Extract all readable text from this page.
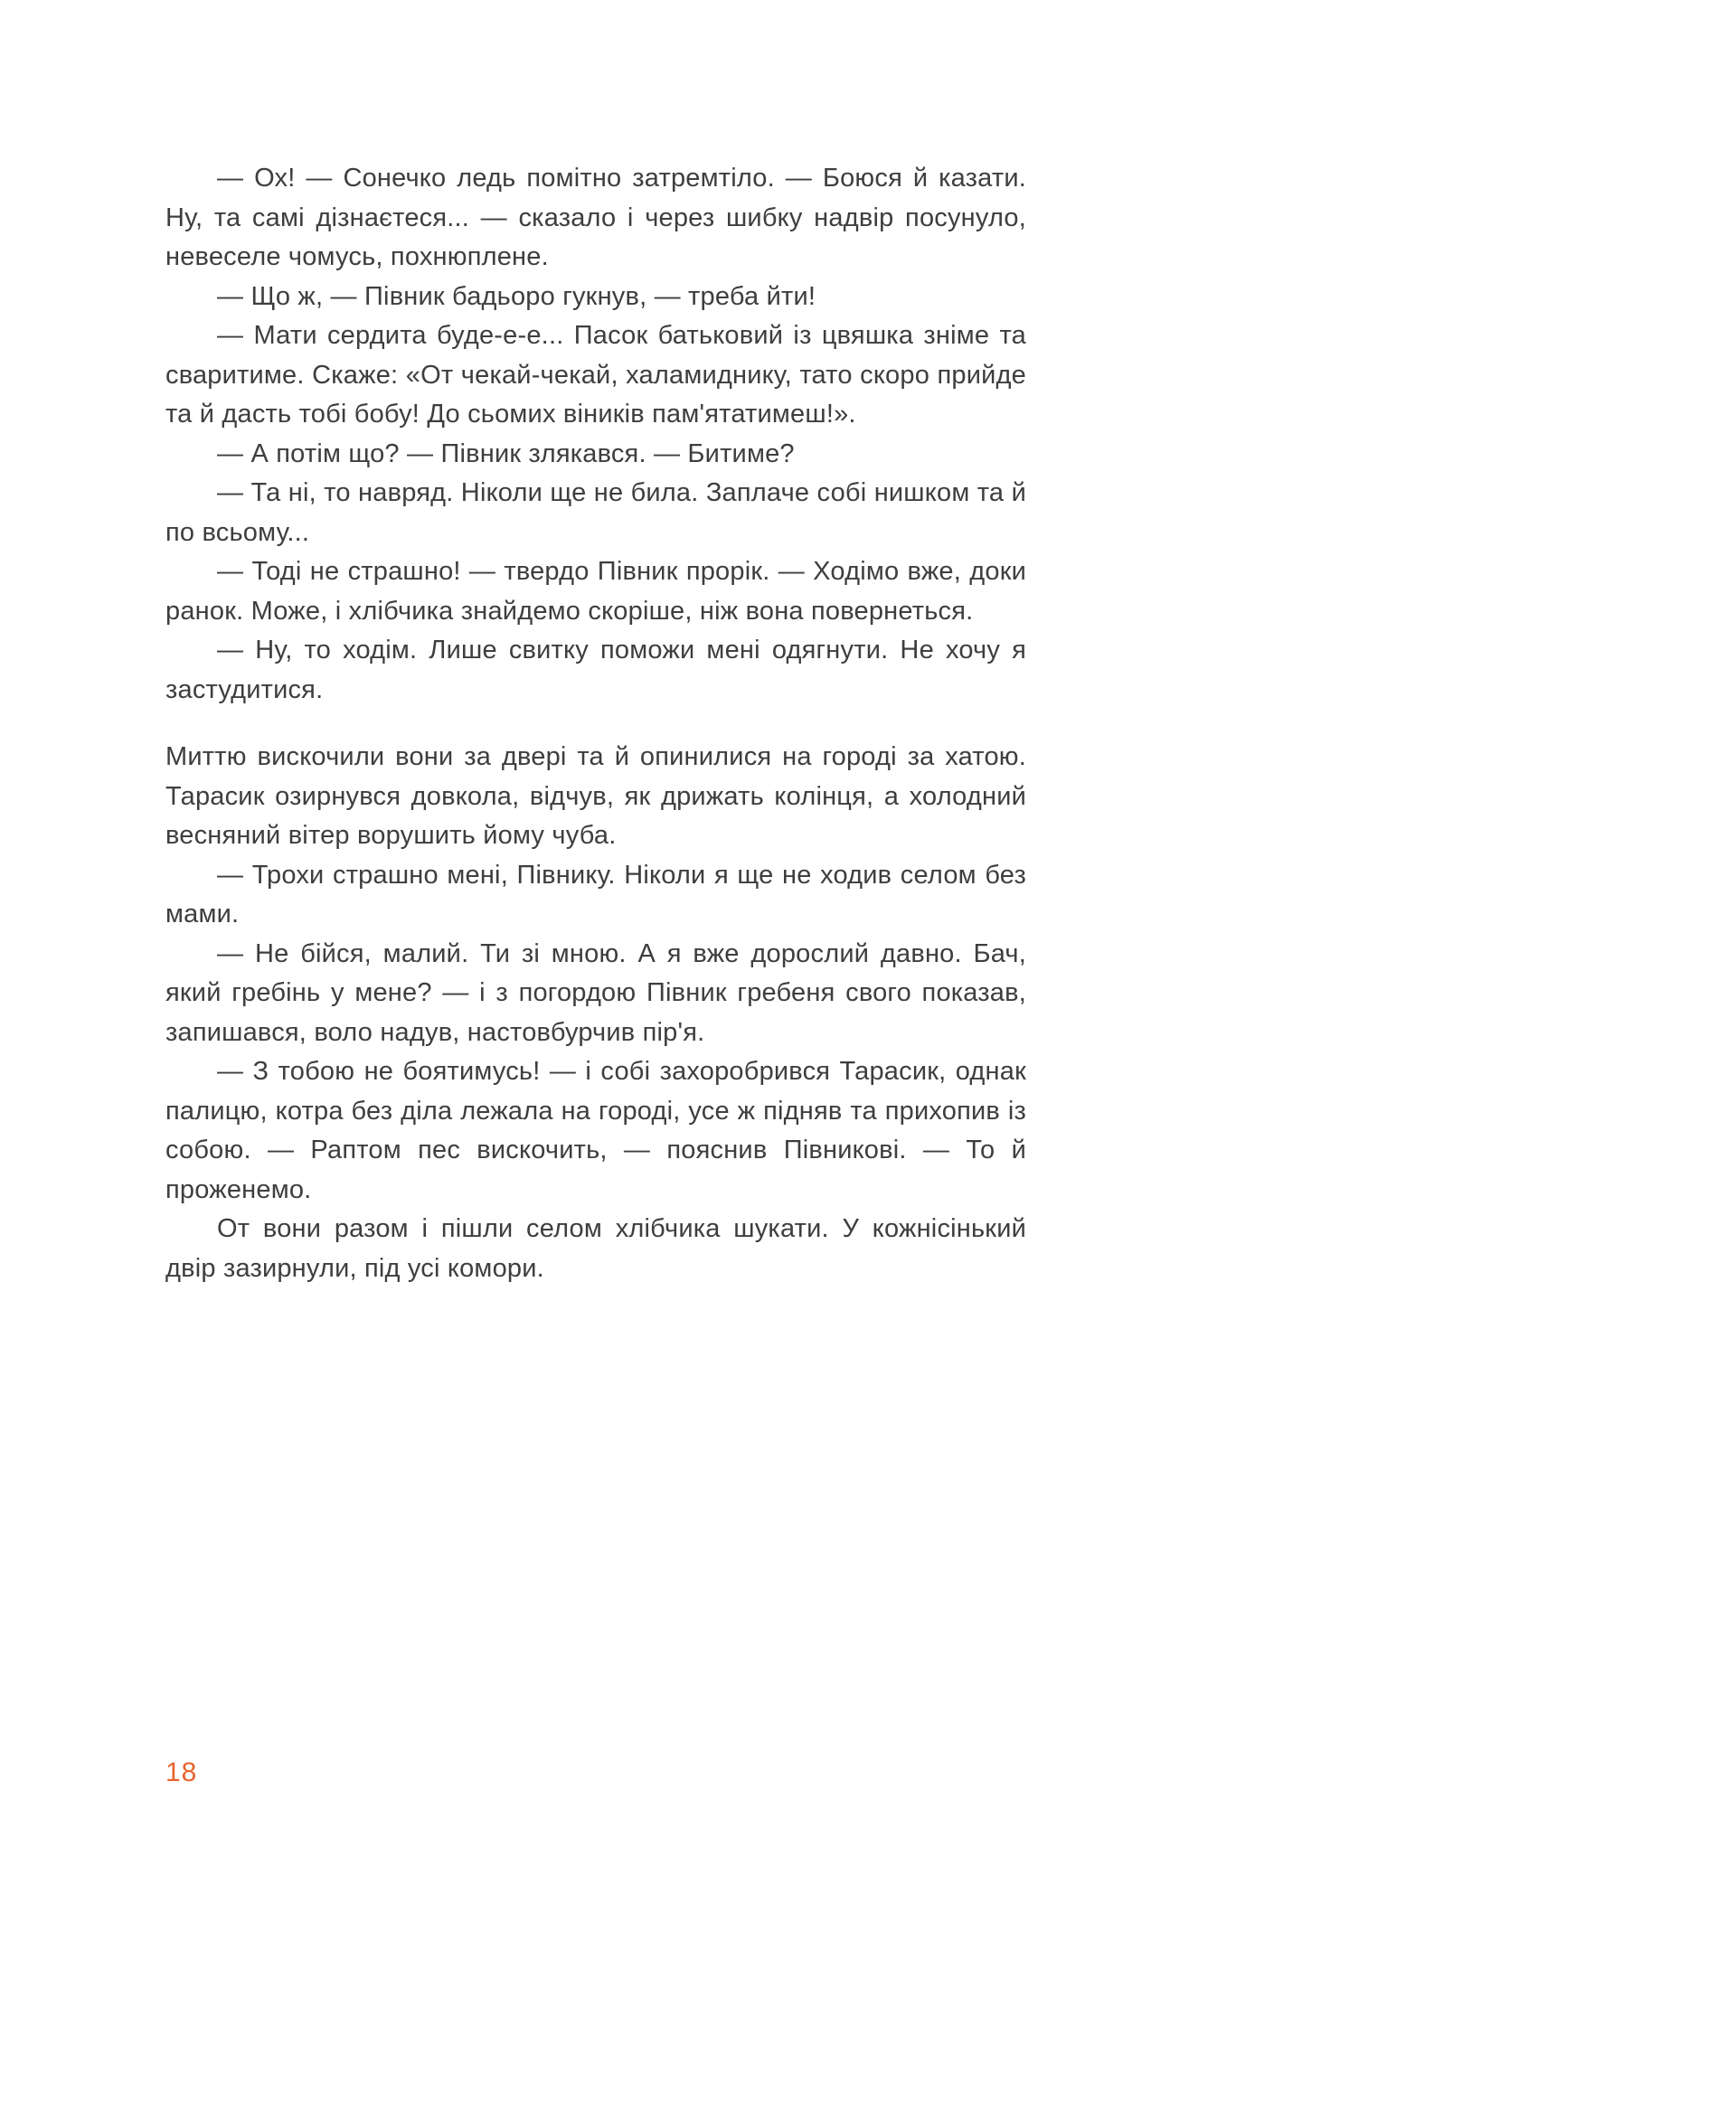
— Ох! — Сонечко ледь помітно затремтіло. — Боюся й казати. Ну, та самі дізнаєтеся... — сказало і через шибку надвір посунуло, невеселе чомусь, похнюплене.

— Що ж, — Півник бадьоро гукнув, — треба йти!

— Мати сердита буде-е-е... Пасок батьковий із цвяшка зніме та сваритиме. Скаже: «От чекай-чекай, халамиднику, тато скоро прийде та й дасть тобі бобу! До сьомих віників пам'ятатимеш!».

— А потім що? — Півник злякався. — Битиме?

— Та ні, то навряд. Ніколи ще не била. Заплаче собі нишком та й по всьому...

— Тоді не страшно! — твердо Півник прорік. — Ходімо вже, доки ранок. Може, і хлібчика знайдемо скоріше, ніж вона повернеться.

— Ну, то ходім. Лише свитку поможи мені одягнути. Не хочу я застудитися.

Миттю вискочили вони за двері та й опинилися на городі за хатою. Тарасик озирнувся довкола, відчув, як дрижать колінця, а холодний весняний вітер ворушить йому чуба.

— Трохи страшно мені, Півнику. Ніколи я ще не ходив селом без мами.

— Не бійся, малий. Ти зі мною. А я вже дорослий давно. Бач, який гребінь у мене? — і з погордою Півник гребеня свого показав, запишався, воло надув, настовбурчив пір'я.

— З тобою не боятимусь! — і собі захоробрився Тарасик, однак палицю, котра без діла лежала на городі, усе ж підняв та прихопив із собою. — Раптом пес вискочить, — пояснив Півникові. — То й проженемо.

От вони разом і пішли селом хлібчика шукати. У кожнісінький двір зазирнули, під усі комори.

18
